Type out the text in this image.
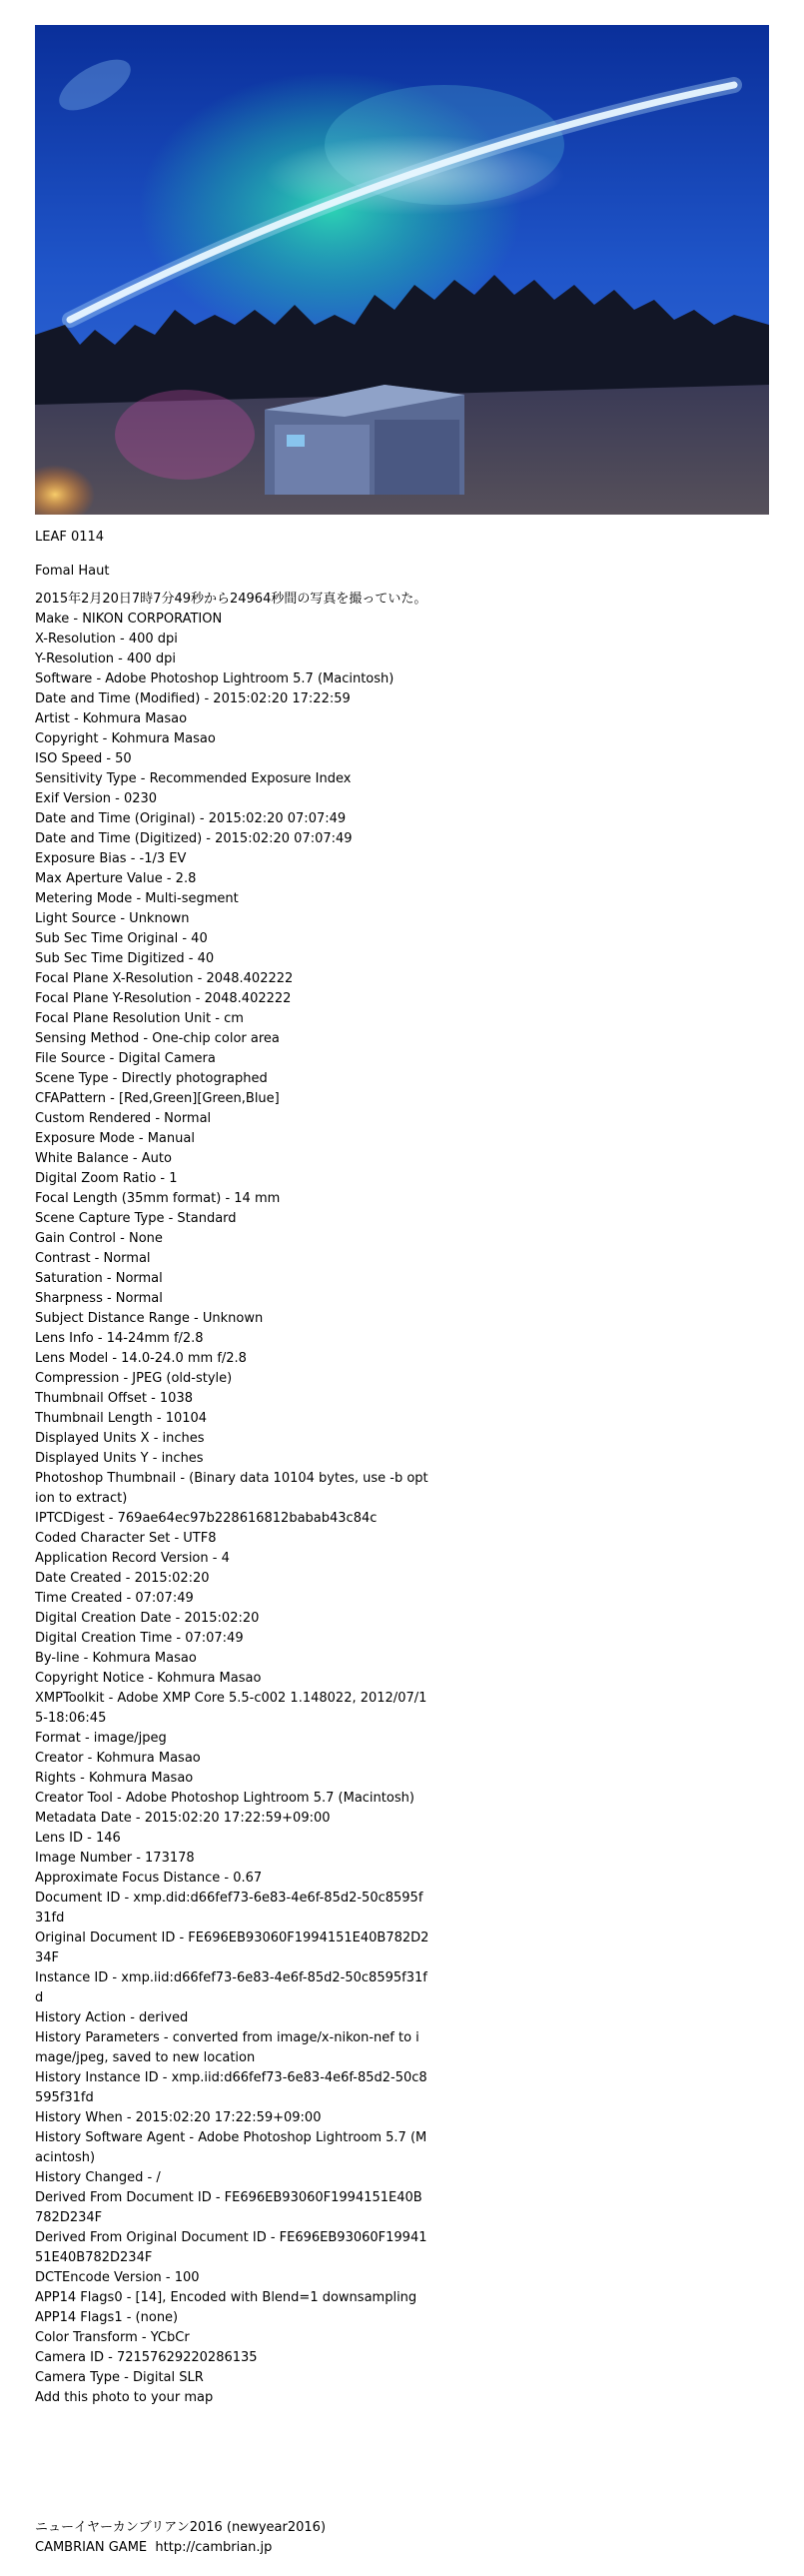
LEAF 0114
Fomal Haut
2015年2月20日7時7分49秒から24964秒間の写真を撮っていた。
Make - NIKON CORPORATION
X-Resolution - 400 dpi
Y-Resolution - 400 dpi
Software - Adobe Photoshop Lightroom 5.7 (Macintosh)
Date and Time (Modified) - 2015:02:20 17:22:59
Artist - Kohmura Masao
Copyright - Kohmura Masao
ISO Speed - 50
Sensitivity Type - Recommended Exposure Index
Exif Version - 0230
Date and Time (Original) - 2015:02:20 07:07:49
Date and Time (Digitized) - 2015:02:20 07:07:49
Exposure Bias - -1/3 EV
Max Aperture Value - 2.8
Metering Mode - Multi-segment
Light Source - Unknown
Sub Sec Time Original - 40
Sub Sec Time Digitized - 40
Focal Plane X-Resolution - 2048.402222
Focal Plane Y-Resolution - 2048.402222
Focal Plane Resolution Unit - cm
Sensing Method - One-chip color area
File Source - Digital Camera
Scene Type - Directly photographed
CFAPattern - [Red,Green][Green,Blue]
Custom Rendered - Normal
Exposure Mode - Manual
White Balance - Auto
Digital Zoom Ratio - 1
Focal Length (35mm format) - 14 mm
Scene Capture Type - Standard
Gain Control - None
Contrast - Normal
Saturation - Normal
Sharpness - Normal
Subject Distance Range - Unknown
Lens Info - 14-24mm f/2.8
Lens Model - 14.0-24.0 mm f/2.8
Compression - JPEG (old-style)
Thumbnail Offset - 1038
Thumbnail Length - 10104
Displayed Units X - inches
Displayed Units Y - inches
Photoshop Thumbnail - (Binary data 10104 bytes, use -b option to extract)
IPTCDigest - 769ae64ec97b228616812babab43c84c
Coded Character Set - UTF8
Application Record Version - 4
Date Created - 2015:02:20
Time Created - 07:07:49
Digital Creation Date - 2015:02:20
Digital Creation Time - 07:07:49
By-line - Kohmura Masao
Copyright Notice - Kohmura Masao
XMPToolkit - Adobe XMP Core 5.5-c002 1.148022, 2012/07/15-18:06:45
Format - image/jpeg
Creator - Kohmura Masao
Rights - Kohmura Masao
Creator Tool - Adobe Photoshop Lightroom 5.7 (Macintosh)
Metadata Date - 2015:02:20 17:22:59+09:00
Lens ID - 146
Image Number - 173178
Approximate Focus Distance - 0.67
Document ID - xmp.did:d66fef73-6e83-4e6f-85d2-50c8595f31fd
Original Document ID - FE696EB93060F1994151E40B782D234F
Instance ID - xmp.iid:d66fef73-6e83-4e6f-85d2-50c8595f31fd
History Action - derived
History Parameters - converted from image/x-nikon-nef to image/jpeg, saved to new location
History Instance ID - xmp.iid:d66fef73-6e83-4e6f-85d2-50c8595f31fd
History When - 2015:02:20 17:22:59+09:00
History Software Agent - Adobe Photoshop Lightroom 5.7 (Macintosh)
History Changed - /
Derived From Document ID - FE696EB93060F1994151E40B782D234F
Derived From Original Document ID - FE696EB93060F1994151E40B782D234F
DCTEncode Version - 100
APP14 Flags0 - [14], Encoded with Blend=1 downsampling
APP14 Flags1 - (none)
Color Transform - YCbCr
Camera ID - 72157629220286135
Camera Type - Digital SLR
Add this photo to your map
ニューイヤーカンブリアン2016 (newyear2016)
CAMBRIAN GAME  http://cambrian.jp
